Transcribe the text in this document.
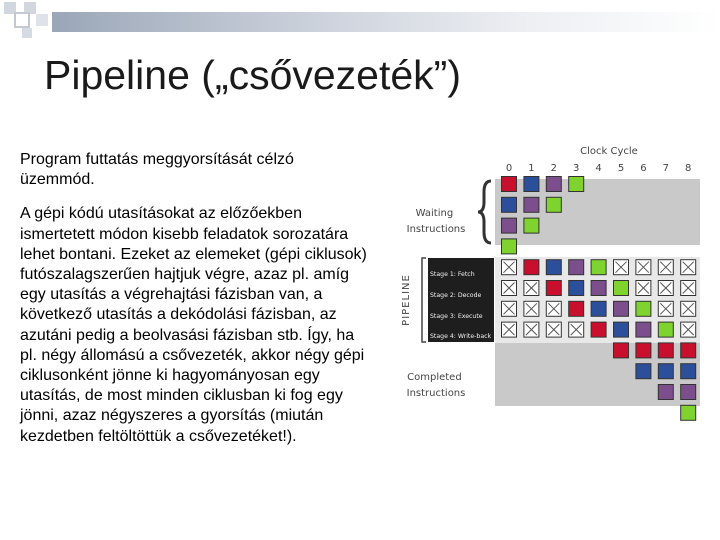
Pipeline („csővezeték”)

Program futtatás meggyorsítását célzó üzemmód.

A gépi kódú utasításokat az előzőekben ismertetett módon kisebb feladatok sorozatára lehet bontani. Ezeket az elemeket (gépi ciklusok) futószalagszerűen hajtjuk végre, azaz pl. amíg egy utasítás a végrehajtási fázisban van, a következő utasítás a dekódolási fázisban, az azutáni pedig a beolvasási fázisban stb. Így, ha pl. négy állomású a csővezeték, akkor négy gépi ciklusonként jönne ki hagyományosan egy utasítás, de most minden ciklusban ki fog egy jönni, azaz négyszeres a gyorsítás (miután kezdetben feltöltöttük a csővezetéket!).

Clock Cycle
0 1 2 3 4 5 6 7 8
Waiting Instructions
PIPELINE	Stage 1: Fetch
Stage 2: Decode
Stage 3: Execute
Stage 4: Write-back
Completed Instructions
